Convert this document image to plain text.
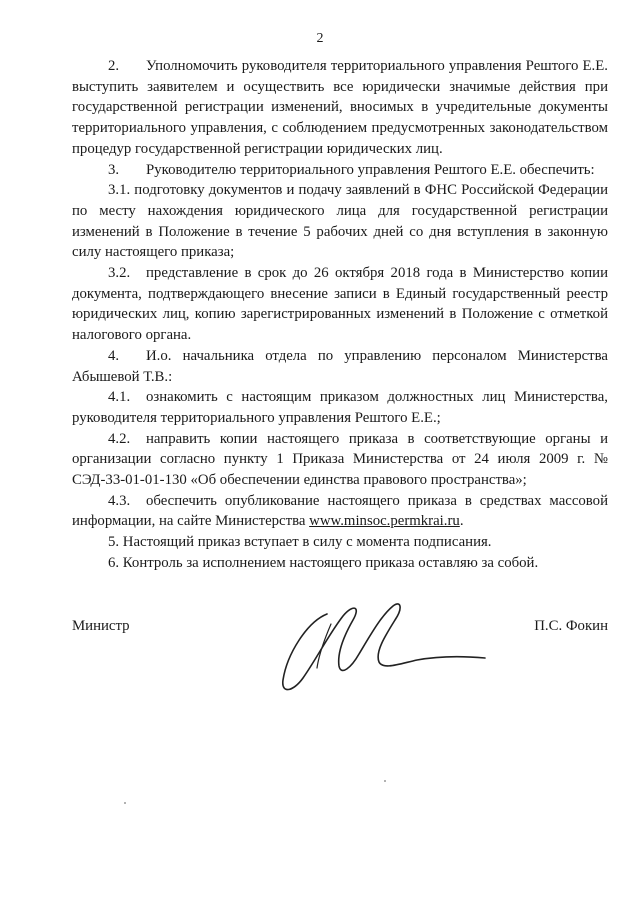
2

2. Уполномочить руководителя территориального управления Рештого Е.Е. выступить заявителем и осуществить все юридически значимые действия при государственной регистрации изменений, вносимых в учредительные документы территориального управления, с соблюдением предусмотренных законодательством процедур государственной регистрации юридических лиц.

3. Руководителю территориального управления Рештого Е.Е. обеспечить:

3.1. подготовку документов и подачу заявлений в ФНС Российской Федерации по месту нахождения юридического лица для государственной регистрации изменений в Положение в течение 5 рабочих дней со дня вступления в законную силу настоящего приказа;

3.2. представление в срок до 26 октября 2018 года в Министерство копии документа, подтверждающего внесение записи в Единый государственный реестр юридических лиц, копию зарегистрированных изменений в Положение с отметкой налогового органа.

4. И.о. начальника отдела по управлению персоналом Министерства Абышевой Т.В.:

4.1. ознакомить с настоящим приказом должностных лиц Министерства, руководителя территориального управления Рештого Е.Е.;

4.2. направить копии настоящего приказа в соответствующие органы и организации согласно пункту 1 Приказа Министерства от 24 июля 2009 г. № СЭД-33-01-01-130 «Об обеспечении единства правового пространства»;

4.3. обеспечить опубликование настоящего приказа в средствах массовой информации, на сайте Министерства www.minsoc.permkrai.ru.

5. Настоящий приказ вступает в силу с момента подписания.

6. Контроль за исполнением настоящего приказа оставляю за собой.

Министр	П.С. Фокин
